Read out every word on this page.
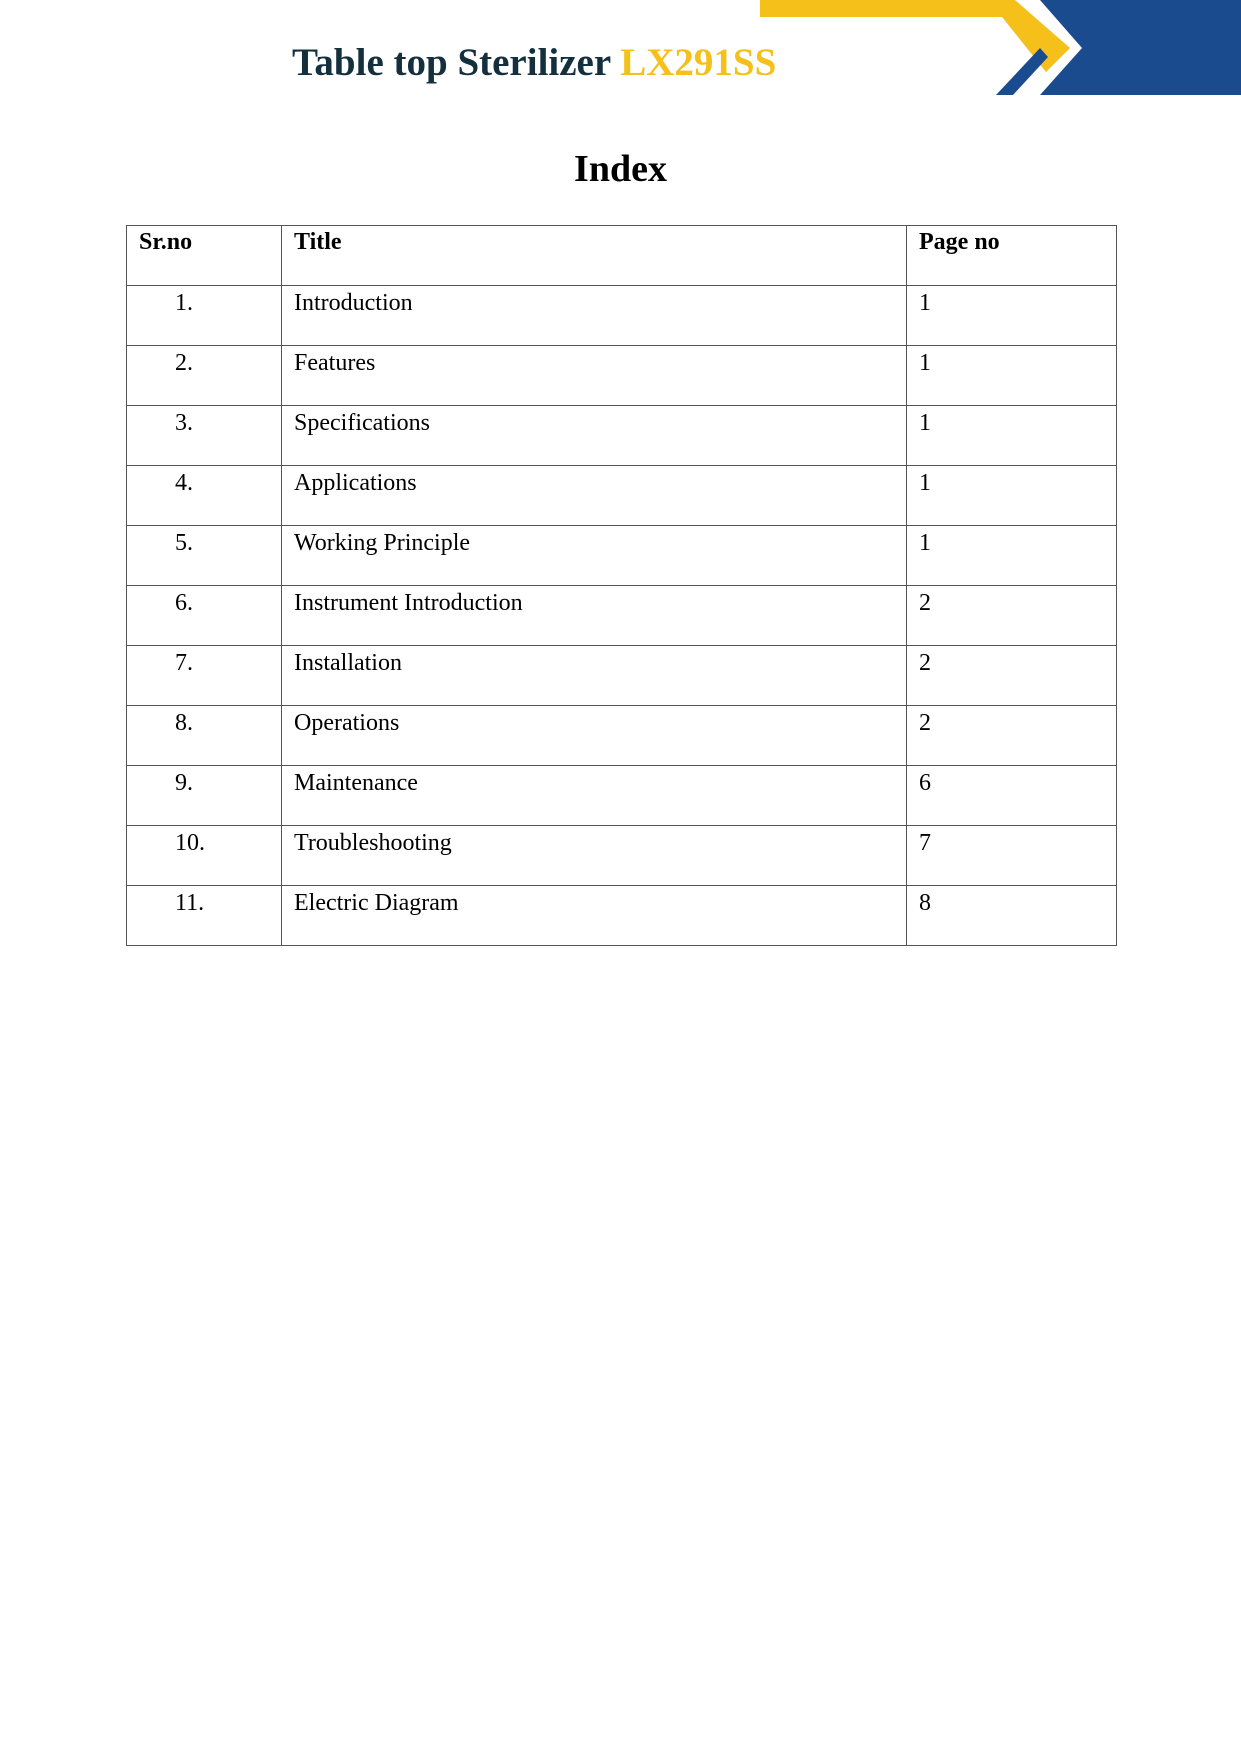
Table top Sterilizer LX291SS
Index
Sr.no	Title	Page no

1.	Introduction	1

2.	Features	1

3.	Specifications	1

4.	Applications	1

5.	Working Principle	1

6.	Instrument Introduction	2

7.	Installation	2

8.	Operations	2

9.	Maintenance	6

10.	Troubleshooting	7

11.	Electric Diagram	8
